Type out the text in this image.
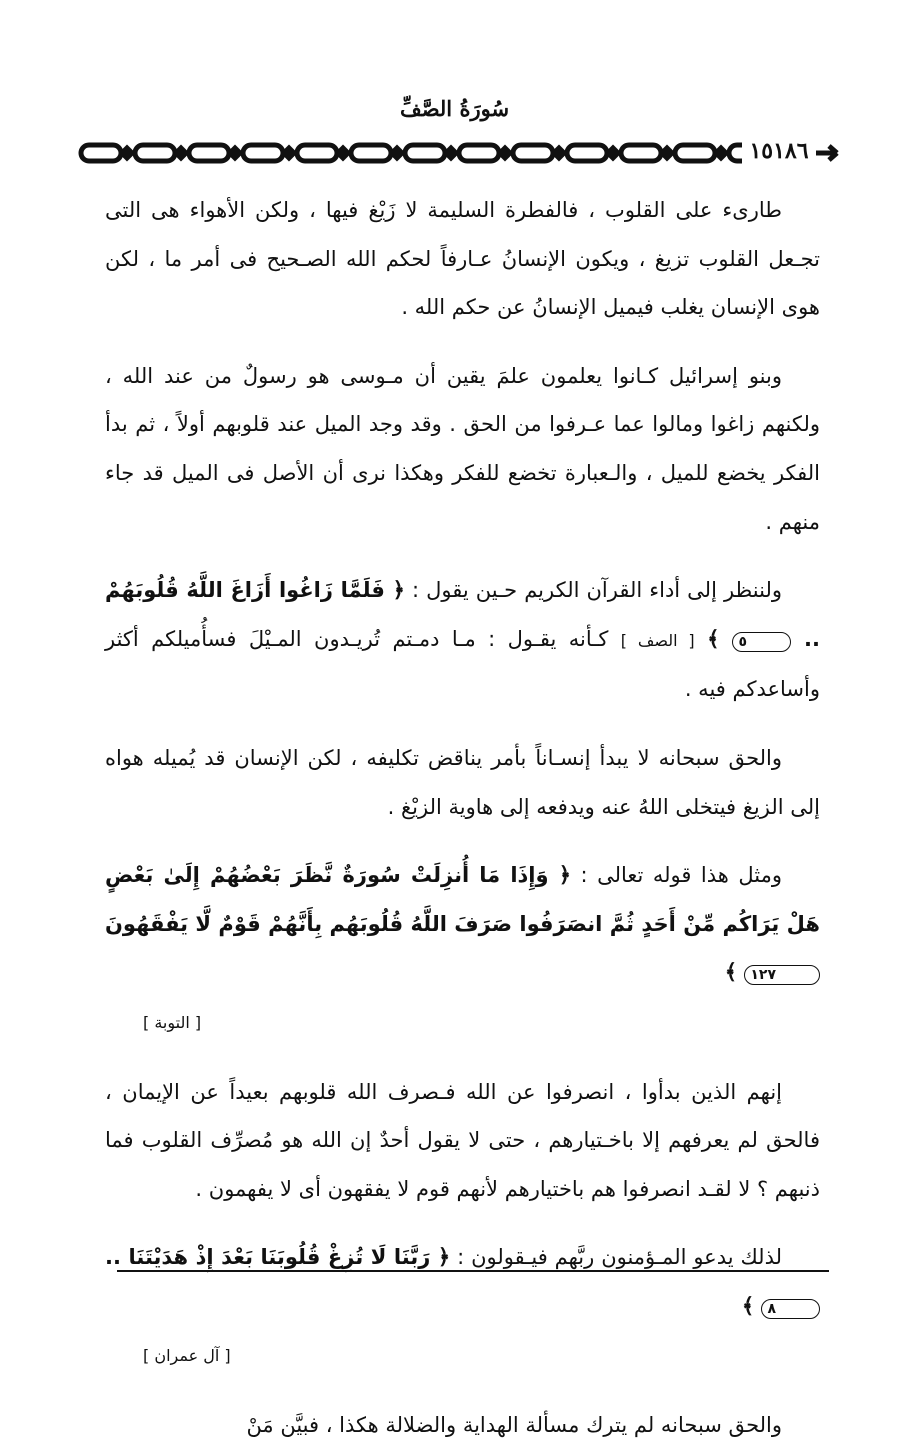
سُورَةُ الصَّفِّ
١٥١٨٦

طارىء على القلوب ، فالفطرة السليمة لا زَيْغ فيها ، ولكن الأهواء هى التى تجـعل القلوب تزيغ ، ويكون الإنسانُ عـارفاً لحكم الله الصـحيح فى أمر ما ، لكن هوى الإنسان يغلب فيميل الإنسانُ عن حكم الله .

وبنو إسرائيل كـانوا يعلمون علمَ يقين أن مـوسى هو رسولٌ من عند الله ، ولكنهم زاغوا ومالوا عما عـرفوا من الحق . وقد وجد الميل عند قلوبهم أولاً ، ثم بدأ الفكر يخضع للميل ، والـعبارة تخضع للفكر وهكذا نرى أن الأصل فى الميل قد جاء منهم .

ولننظر إلى أداء القرآن الكريم حـين يقول : ﴿ فَلَمَّا زَاغُوا أَزَاغَ اللَّهُ قُلُوبَهُمْ .. ٥ ﴾ [ الصف ] كـأنه يقـول : مـا دمـتم تُريـدون المـيْلَ فسأُميلكم أكثر وأساعدكم فيه .

والحق سبحانه لا يبدأ إنسـاناً بأمر يناقض تكليفه ، لكن الإنسان قد يُميله هواه إلى الزيغ فيتخلى اللهُ عنه ويدفعه إلى هاوية الزيْغ .

ومثل هذا قوله تعالى : ﴿ وَإِذَا مَا أُنزِلَتْ سُورَةٌ نَّظَرَ بَعْضُهُمْ إِلَىٰ بَعْضٍ هَلْ يَرَاكُم مِّنْ أَحَدٍ ثُمَّ انصَرَفُوا صَرَفَ اللَّهُ قُلُوبَهُم بِأَنَّهُمْ قَوْمٌ لَّا يَفْقَهُونَ ١٢٧ ﴾

[ التوبة ]

إنهم الذين بدأوا ، انصرفوا عن الله فـصرف الله قلوبهم بعيداً عن الإيمان ، فالحق لم يعرفهم إلا باخـتيارهم ، حتى لا يقول أحدٌ إن الله هو مُصرِّف القلوب فما ذنبهم ؟ لا لقـد انصرفوا هم باختيارهم لأنهم قوم لا يفقهون أى لا يفهمون .

لذلك يدعو المـؤمنون ربَّهم فيـقولون : ﴿ رَبَّنَا لَا تُزِغْ قُلُوبَنَا بَعْدَ إِذْ هَدَيْتَنَا .. ٨ ﴾

[ آل عمران ]

والحق سبحانه لم يترك مسألة الهداية والضلالة هكذا ، فبيَّن مَنْ
